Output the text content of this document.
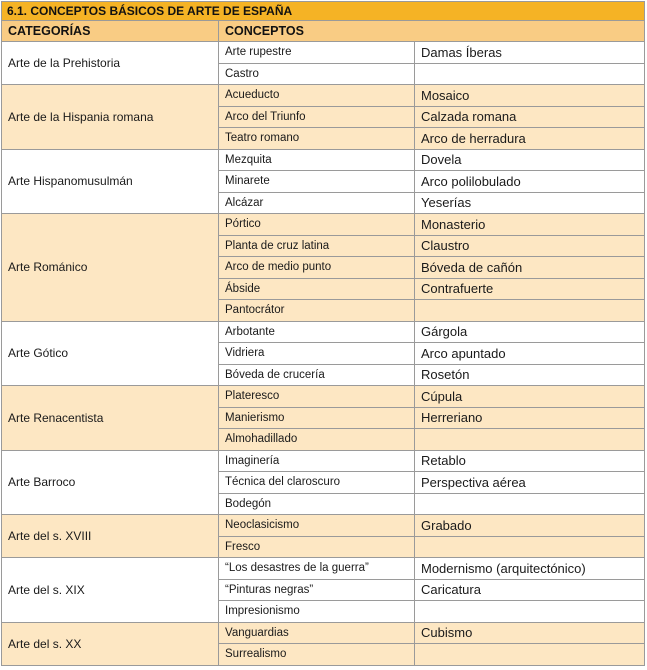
6.1. CONCEPTOS BÁSICOS DE ARTE DE ESPAÑA		
CATEGORÍAS	CONCEPTOS	
Arte de la Prehistoria	Arte rupestre	Damas Íberas
	Castro	
Arte de la Hispania romana	Acueducto	Mosaico
	Arco del Triunfo	Calzada romana
	Teatro romano	Arco de herradura
Arte Hispanomusulmán	Mezquita	Dovela
	Minarete	Arco polilobulado
	Alcázar	Yeserías
Arte Románico	Pórtico	Monasterio
	Planta de cruz latina	Claustro
	Arco de medio punto	Bóveda de cañón
	Ábside	Contrafuerte
	Pantocrátor	
Arte Gótico	Arbotante	Gárgola
	Vidriera	Arco apuntado
	Bóveda de crucería	Rosetón
Arte Renacentista	Plateresco	Cúpula
	Manierismo	Herreriano
	Almohadillado	
Arte Barroco	Imaginería	Retablo
	Técnica del claroscuro	Perspectiva aérea
	Bodegón	
Arte del s. XVIII	Neoclasicismo	Grabado
	Fresco	
Arte del s. XIX	“Los desastres de la guerra”	Modernismo (arquitectónico)
	“Pinturas negras”	Caricatura
	Impresionismo	
Arte del s. XX	Vanguardias	Cubismo
	Surrealismo	
